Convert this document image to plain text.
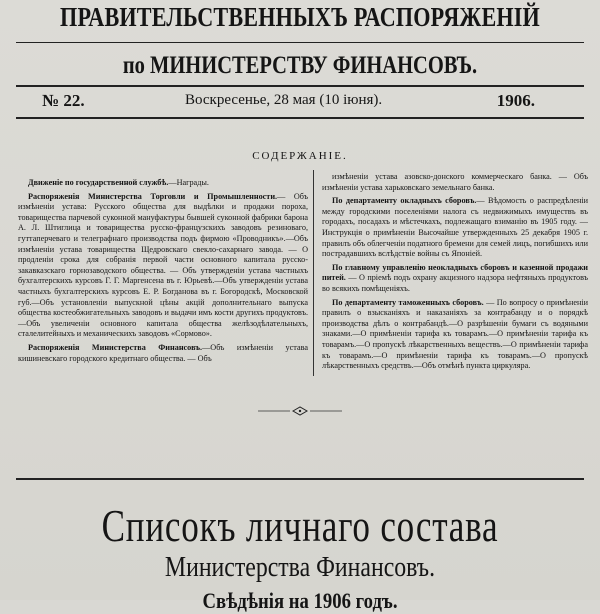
ПРАВИТЕЛЬСТВЕННЫХЪ РАСПОРЯЖЕНІЙ
по МИНИСТЕРСТВУ ФИНАНСОВЪ.
№ 22.	Воскресенье, 28 мая (10 іюня).	1906.
СОДЕРЖАНІЕ.

Движеніе по государственной службѣ.—Награды.

Распоряженія Министерства Торговли и Промышленности.— Объ измѣненіи устава: Русского общества для выдѣлки и продажи пороха, товарищества парчевой суконной мануфактуры бывшей суконной фабрики барона А. Л. Штиглица и товарищества русско-французскихъ заводовъ резиноваго, гуттаперчеваго и телеграфнаго производства подъ фирмою «Проводникъ».—Объ измѣненіи устава товарищества Щедровскаго свекло-сахарнаго завода. — О продленіи срока для собранія первой части основного капитала русско-закавказскаго горнозаводского общества. — Объ утвержденіи устава частныхъ бухгалтерскихъ курсовъ Г. Г. Маргенсена въ г. Юрьевѣ.—Объ утвержденіи устава частныхъ бухгалтерскихъ курсовъ Е. Р. Богданова въ г. Богородскѣ, Московской губ.—Объ установленіи выпускной цѣны акцій дополнительнаго выпуска общества костеобжигательныхъ заводовъ и выдачи имъ кости другихъ продуктовъ.—Объ увеличеніи основного капитала общества желѣзодѣлательныхъ, сталелитейныхъ и механическихъ заводовъ «Сормово».

Распоряженія Министерства Финансовъ.—Объ измѣненіи устава кишиневскаго городского кредитнаго общества. — Объ

измѣненіи устава азовско-донского коммерческаго банка. — Объ измѣненіи устава харьковскаго земельнаго банка.

По департаменту окладныхъ сборовъ.— Вѣдомость о распредѣленіи между городскими поселеніями налога съ недвижимыхъ имуществъ въ городахъ, посадахъ и мѣстечкахъ, подлежащаго взиманію въ 1905 году. — Инструкція о примѣненіи Высочайше утвержденныхъ 25 декабря 1905 г. правилъ объ облегченіи податного бремени для семей лицъ, погибшихъ или пострадавшихъ вслѣдствіе войны съ Японіей.

По главному управленію неокладныхъ сборовъ и казенной продажи питей. — О пріемѣ подъ охрану акцизного надзора нефтяныхъ продуктовъ во всякихъ помѣщеніяхъ.

По департаменту таможенныхъ сборовъ. — По вопросу о примѣненіи правилъ о взысканіяхъ и наказаніяхъ за контрабанду и о порядкѣ производства дѣлъ о контрабандѣ.—О разрѣшеніи бумаги съ водяными знаками.—О примѣненіи тарифа къ товарамъ.—О примѣненіи тарифа къ товарамъ.—О пропускѣ лѣкарственныхъ веществъ.—О примѣненіи тарифа къ товарамъ.—О примѣненіи тарифа къ товарамъ.—О пропускѣ лѣкарственныхъ средствъ.—Объ отмѣнѣ пункта циркуляра.

Списокъ личнаго состава
Министерства Финансовъ.
Свѣдѣнія на 1906 годъ.
